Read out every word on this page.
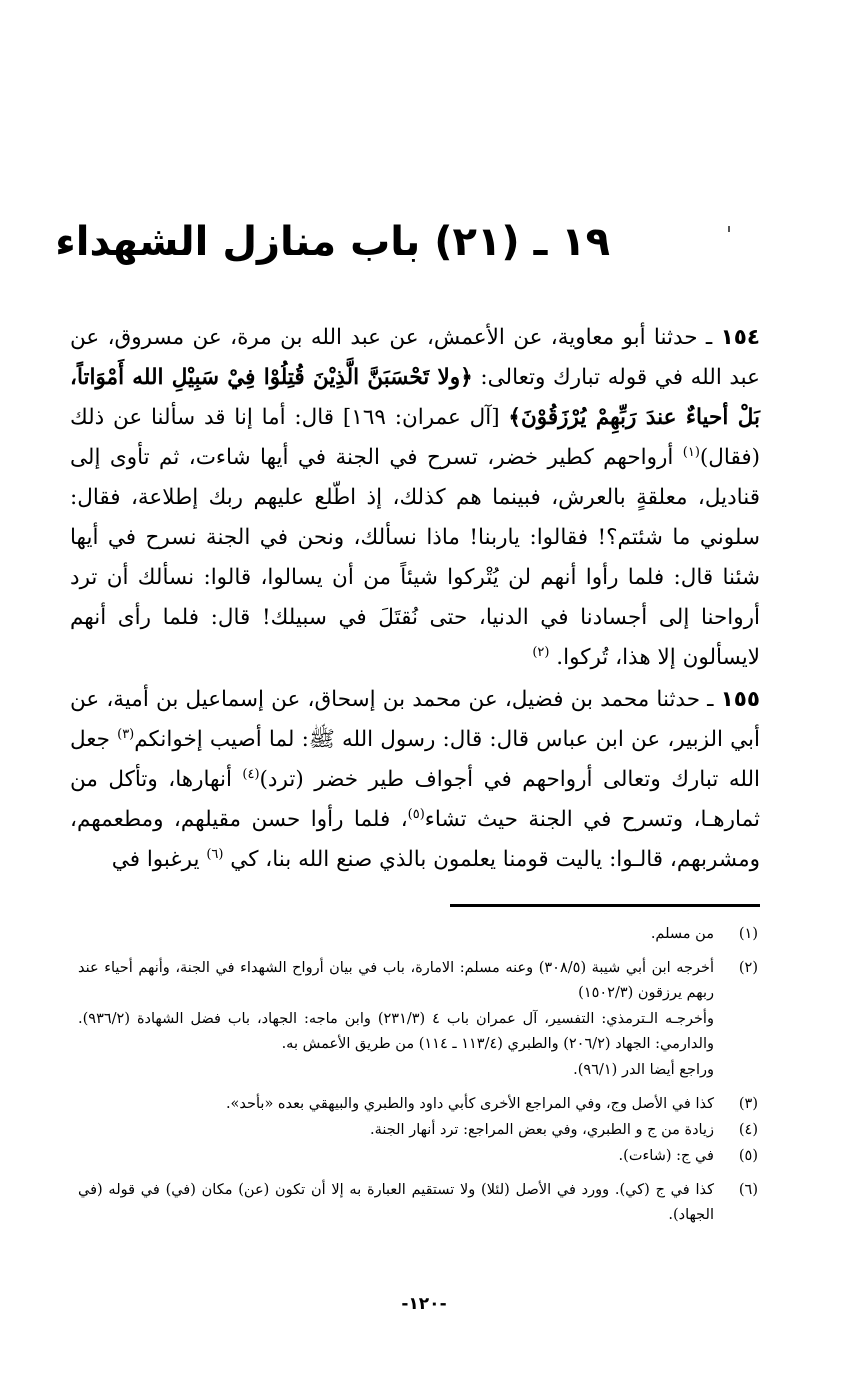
١٩ ـ (٢١) باب منازل الشهداء

١٥٤ ـ حدثنا أبو معاوية، عن الأعمش، عن عبد الله بن مرة، عن مسروق، عن عبد الله في قوله تبارك وتعالى: ﴿ولا تَحْسَبَنَّ الَّذِيْنَ قُتِلُوْا فِيْ سَبِيْلِ الله أَمْوَاتاً، بَلْ أحياءٌ عندَ رَبِّهِمْ يُرْزَقُوْنَ﴾ [آل عمران: ١٦٩] قال: أما إنا قد سألنا عن ذلك (فقال)$^{(١)}$ أرواحهم كطير خضر، تسرح في الجنة في أيها شاءت، ثم تأوى إلى قناديل، معلقةٍ بالعرش، فبينما هم كذلك، إذ اطّلع عليهم ربك إطلاعة، فقال: سلوني ما شئتم؟! فقالوا: ياربنا! ماذا نسألك، ونحن في الجنة نسرح في أيها شئنا قال: فلما رأوا أنهم لن يُتْركوا شيئاً من أن يسالوا، قالوا: نسألك أن ترد أرواحنا إلى أجسادنا في الدنيا، حتى نُقتَلَ في سبيلك! قال: فلما رأى أنهم لايسألون إلا هذا، تُركوا. $^{(٢)}$

١٥٥ ـ حدثنا محمد بن فضيل، عن محمد بن إسحاق، عن إسماعيل بن أمية، عن أبي الزبير، عن ابن عباس قال: قال: رسول الله ﷺ: لما أصيب إخوانكم$^{(٣)}$ جعل الله تبارك وتعالى أرواحهم في أجواف طير خضر (ترد)$^{(٤)}$ أنهارها، وتأكل من ثمارهـا، وتسرح في الجنة حيث تشاء$^{(٥)}$، فلما رأوا حسن مقيلهم، ومطعمهم، ومشربهم، قالـوا: ياليت قومنا يعلمون بالذي صنع الله بنا، كي $^{(٦)}$ يرغبوا في

(١)
من مسلم.

(٢)
أخرجه ابن أبي شيبة (٣٠٨/٥) وعنه مسلم: الامارة، باب في بيان أرواح الشهداء في الجنة، وأنهم أحياء عند ربهم يرزقون (١٥٠٢/٣)

وأخرجـه الـترمذي: التفسير، آل عمران باب ٤ (٢٣١/٣) وابن ماجه: الجهاد، باب فضل الشهادة (٩٣٦/٢). والدارمي: الجهاد (٢٠٦/٢) والطبري (١١٣/٤ ـ ١١٤) من طريق الأعمش به.

وراجع أيضا الدر (٩٦/١).

(٣)
كذا في الأصل وج، وفي المراجع الأخرى كأبي داود والطبري والبيهقي بعده «بأحد».

(٤)
زيادة من ج و الطبري، وفي بعض المراجع: ترد أنهار الجنة.

(٥)
في ج: (شاءت).

(٦)
كذا في ج (كي). وورد في الأصل (لئلا) ولا تستقيم العبارة به إلا أن تكون (عن) مكان (في) في قوله (في الجهاد).

-١٢٠-
